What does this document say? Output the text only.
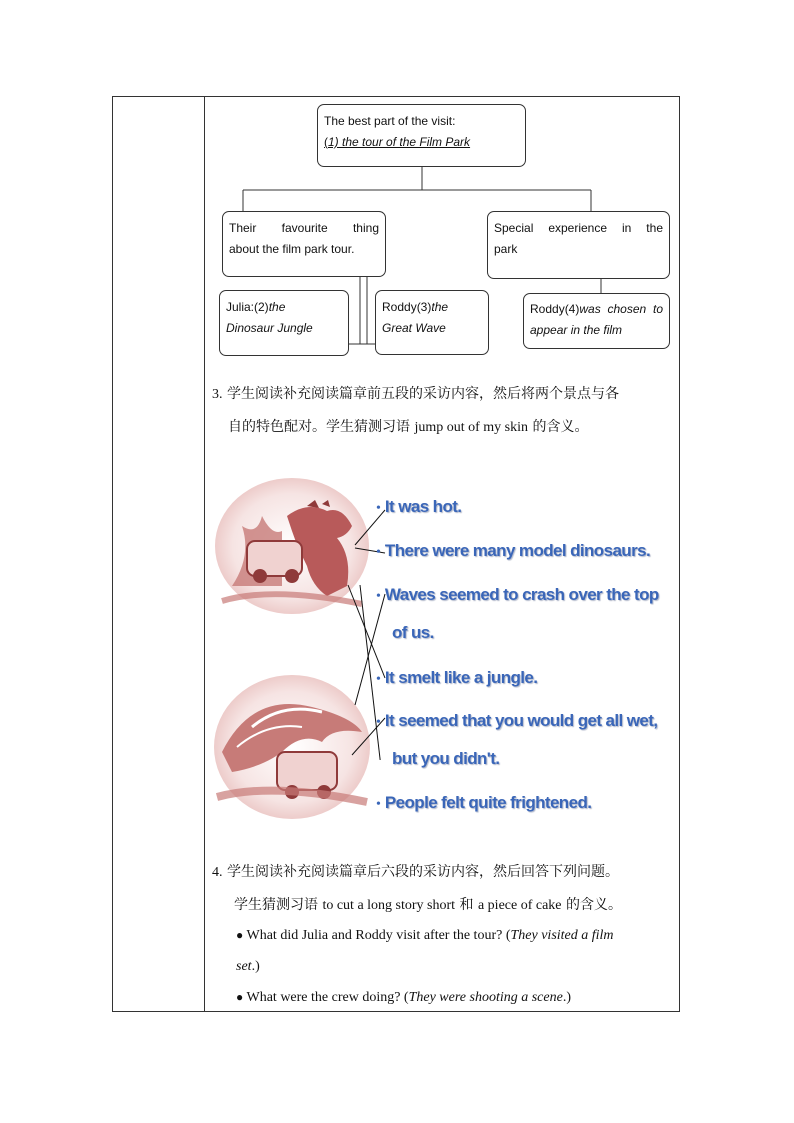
The best part of the visit:
(1) the tour of the Film Park
Their favourite thing
about the film park tour.
Special experience in the
park
Julia:(2)the
Dinosaur Jungle
Roddy(3)the
Great Wave
Roddy(4)was chosen to
appear in the film
3. 学生阅读补充阅读篇章前五段的采访内容，然后将两个景点与各
自的特色配对。学生猜测习语 jump out of my skin 的含义。
• It was hot.
• There were many model dinosaurs.
• Waves seemed to crash over the top
of us.
• It smelt like a jungle.
• It seemed that you would get all wet,
but you didn't.
• People felt quite frightened.
4. 学生阅读补充阅读篇章后六段的采访内容，然后回答下列问题。
学生猜测习语 to cut a long story short 和 a piece of cake 的含义。
● What did Julia and Roddy visit after the tour? (They visited a film
set.)
● What were the crew doing? (They were shooting a scene.)
